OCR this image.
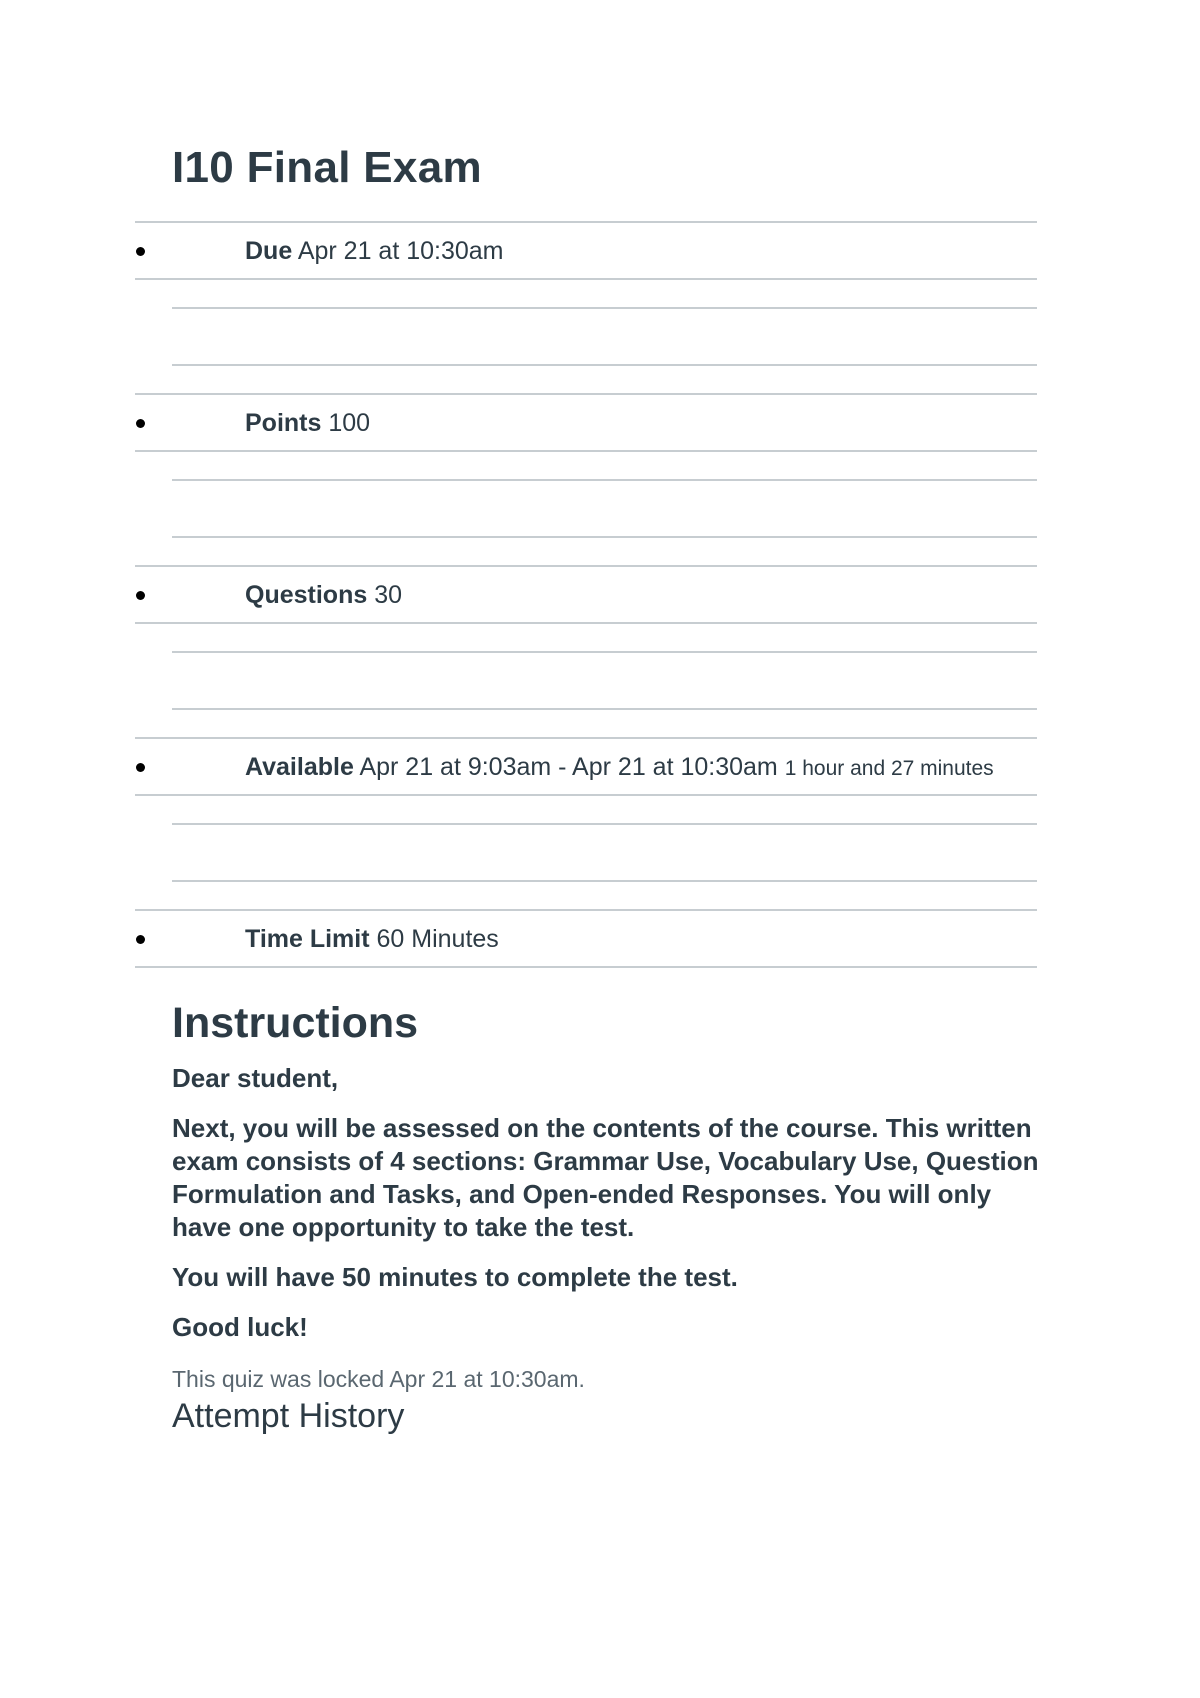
I10 Final Exam
Due Apr 21 at 10:30am
Points 100
Questions 30
Available Apr 21 at 9:03am - Apr 21 at 10:30am 1 hour and 27 minutes
Time Limit 60 Minutes
Instructions

Dear student,

Next, you will be assessed on the contents of the course. This written exam consists of 4 sections: Grammar Use, Vocabulary Use, Question Formulation and Tasks, and Open-ended Responses. You will only have one opportunity to take the test.

You will have 50 minutes to complete the test.

Good luck!

This quiz was locked Apr 21 at 10:30am.

Attempt History
